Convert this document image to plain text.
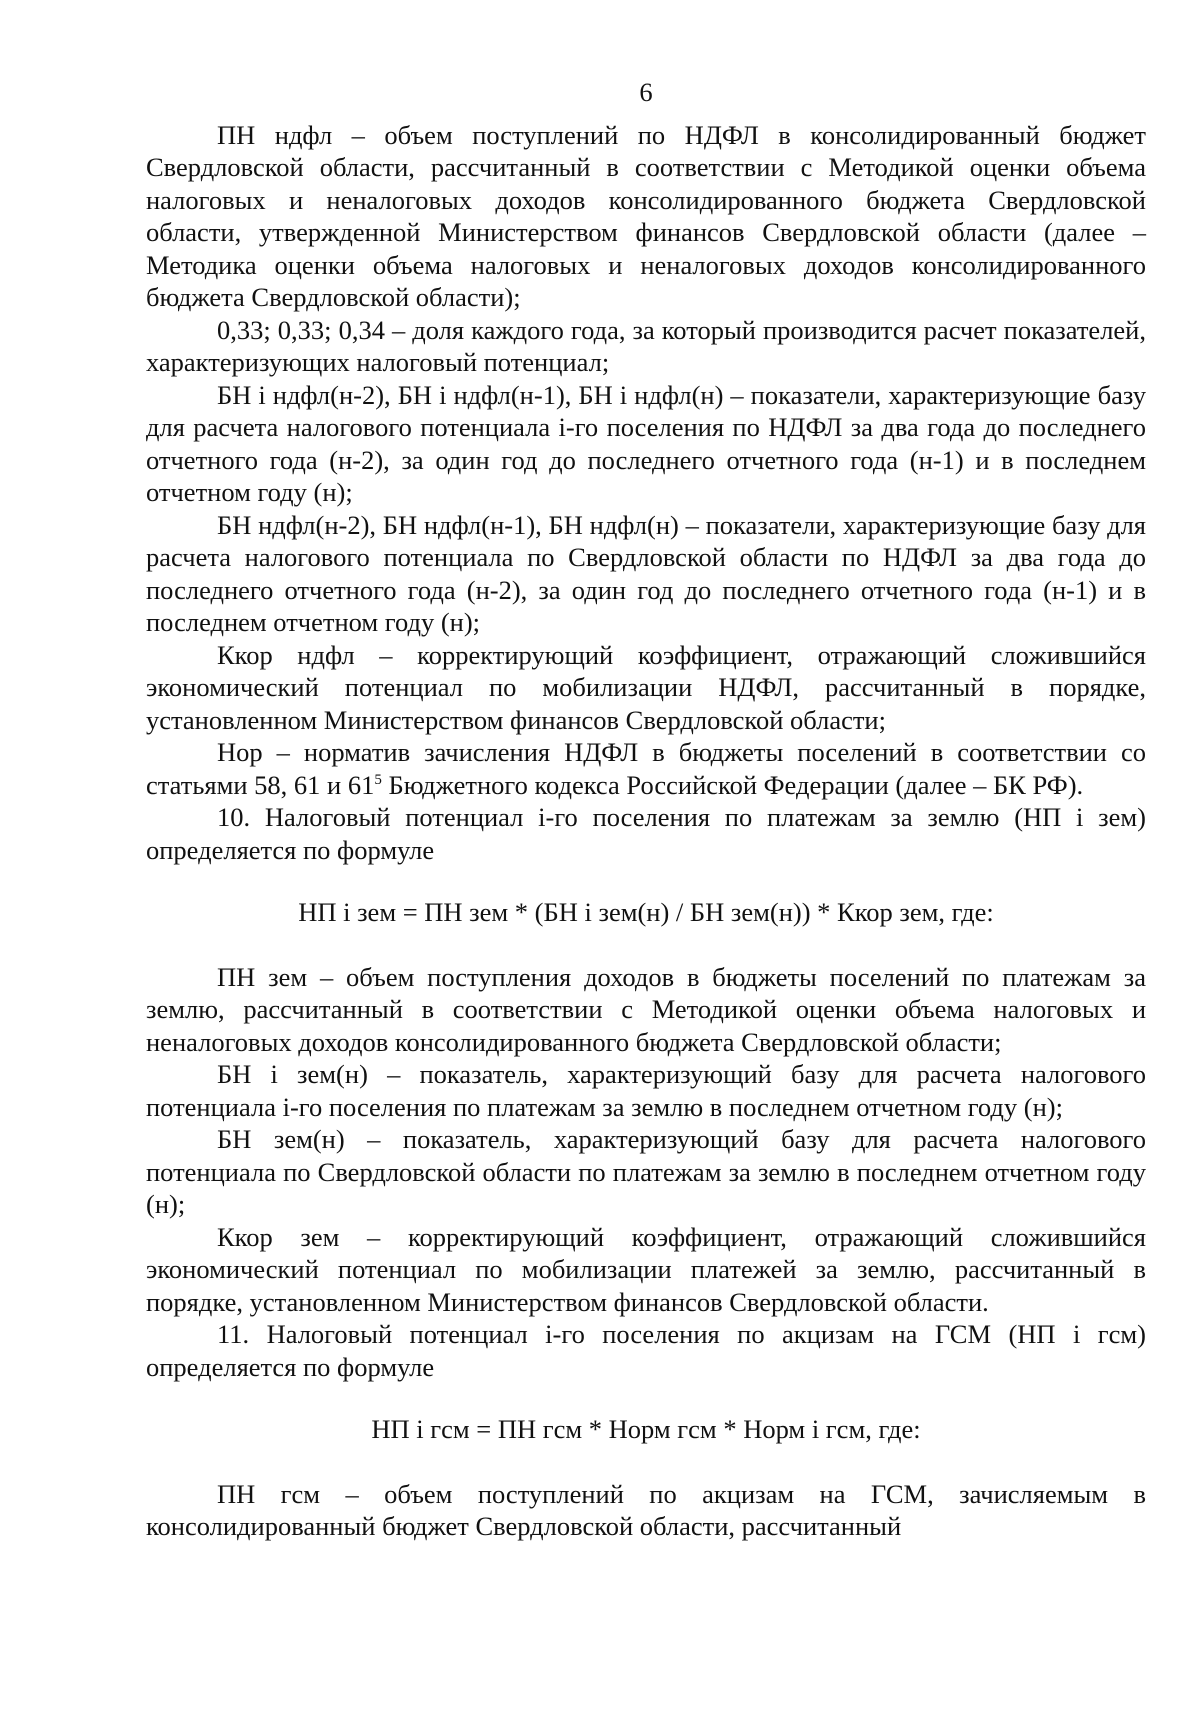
6

ПН ндфл – объем поступлений по НДФЛ в консолидированный бюджет Свердловской области, рассчитанный в соответствии с Методикой оценки объема налоговых и неналоговых доходов консолидированного бюджета Свердловской области, утвержденной Министерством финансов Свердловской области (далее – Методика оценки объема налоговых и неналоговых доходов консолидированного бюджета Свердловской области);

0,33; 0,33; 0,34 – доля каждого года, за который производится расчет показателей, характеризующих налоговый потенциал;

БН i ндфл(н-2), БН i ндфл(н-1), БН i ндфл(н) – показатели, характеризующие базу для расчета налогового потенциала i-го поселения по НДФЛ за два года до последнего отчетного года (н-2), за один год до последнего отчетного года (н-1) и в последнем отчетном году (н);

БН ндфл(н-2), БН ндфл(н-1), БН ндфл(н) – показатели, характеризующие базу для расчета налогового потенциала по Свердловской области по НДФЛ за два года до последнего отчетного года (н-2), за один год до последнего отчетного года (н-1) и в последнем отчетном году (н);

Ккор ндфл – корректирующий коэффициент, отражающий сложившийся экономический потенциал по мобилизации НДФЛ, рассчитанный в порядке, установленном Министерством финансов Свердловской области;

Нор – норматив зачисления НДФЛ в бюджеты поселений в соответствии со статьями 58, 61 и $61^5$ Бюджетного кодекса Российской Федерации (далее – БК РФ).

10. Налоговый потенциал i-го поселения по платежам за землю (НП i зем) определяется по формуле

НП i зем = ПН зем * (БН i зем(н) / БН зем(н)) * Ккор зем, где:

ПН зем – объем поступления доходов в бюджеты поселений по платежам за землю, рассчитанный в соответствии с Методикой оценки объема налоговых и неналоговых доходов консолидированного бюджета Свердловской области;

БН i зем(н) – показатель, характеризующий базу для расчета налогового потенциала i-го поселения по платежам за землю в последнем отчетном году (н);

БН зем(н) – показатель, характеризующий базу для расчета налогового потенциала по Свердловской области по платежам за землю в последнем отчетном году (н);

Ккор зем – корректирующий коэффициент, отражающий сложившийся экономический потенциал по мобилизации платежей за землю, рассчитанный в порядке, установленном Министерством финансов Свердловской области.

11. Налоговый потенциал i-го поселения по акцизам на ГСМ (НП i гсм) определяется по формуле

НП i гсм = ПН гсм * Норм гсм * Норм i гсм, где:

ПН гсм – объем поступлений по акцизам на ГСМ, зачисляемым в консолидированный бюджет Свердловской области, рассчитанный
